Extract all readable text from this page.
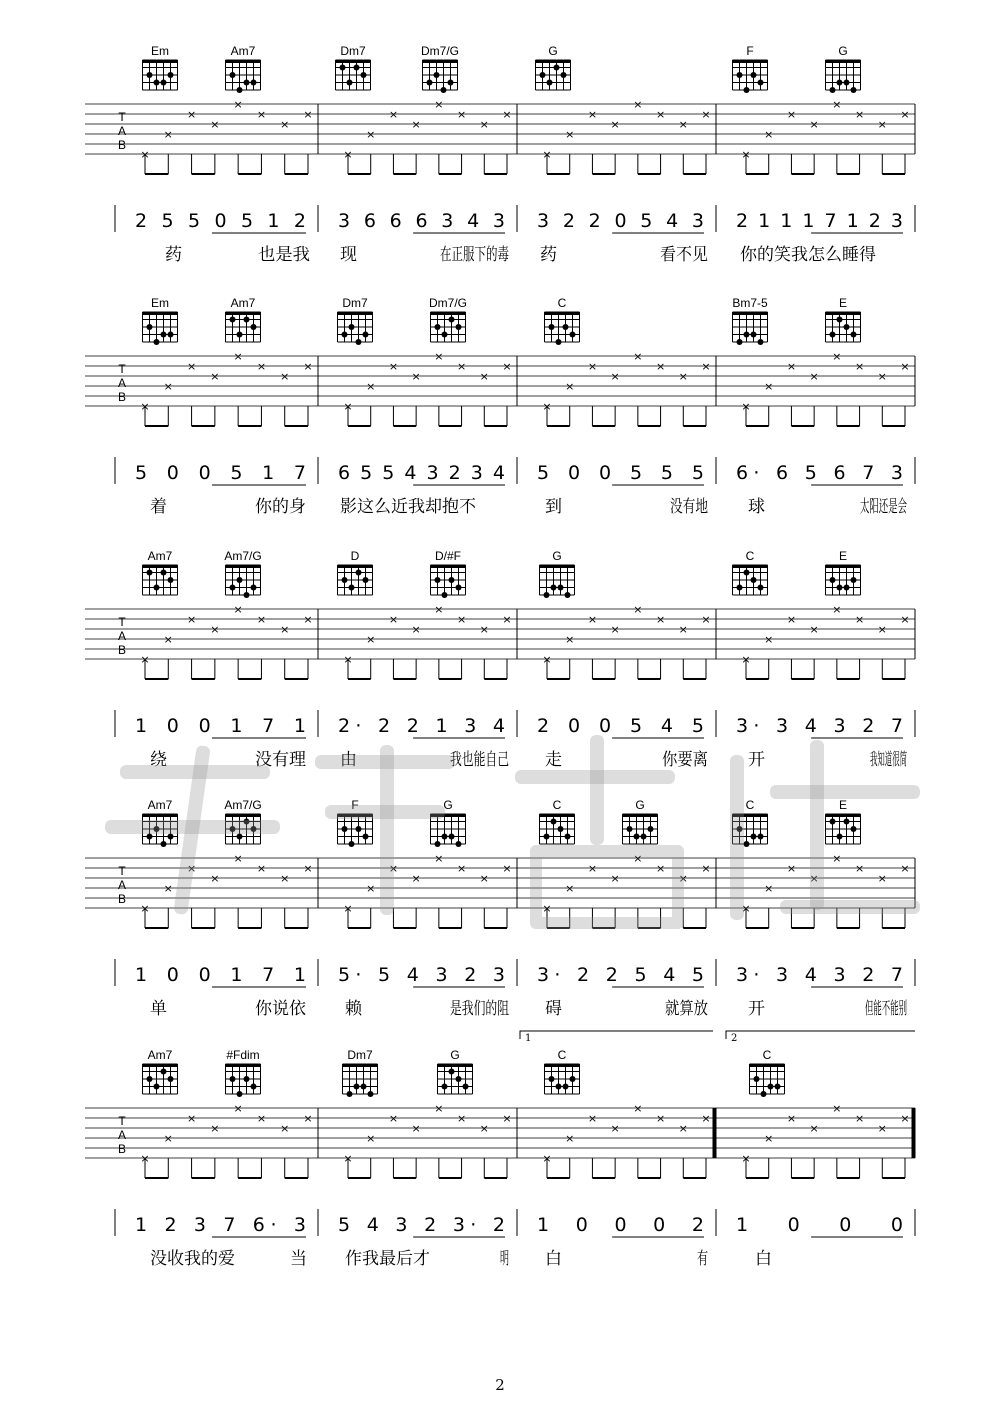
Em	Am7	Dm7	Dm7/G	G	F	G
T
A
B
×
×
×
×
×
×
×
×
×
×
×
×
×
×
×
×
×
×
×
×
×
×
×
×
×
×
×
×
×
×
×
×
2 5 5 0 5 1 2 3 6 6 6 3 4 3 3 2 2 0 5 4 3 2 1 1 1 7 1 2 3
药	也是我 现	在正服下的毒 药	看不见 你的笑我怎么睡得
Em	Am7	Dm7	Dm7/G	C	Bm7-5	E
T
A
B
×
×
×
×
×
×
×
×
×
×
×
×
×
×
×
×
×
×
×
×
×
×
×
×
×
×
×
×
×
×
×
×
5 0 0 5 1 7 6 5 5 4 3 2 3 4 5 0 0 5 5 5 6· 6 5 6 7 3
着	你的身 影这么近我却抱不	到	没有地 球	太阳还是会
Am7	Am7/G	D	D/#F	G	C	E
T
A
B
×
×
×
×
×
×
×
×
×
×
×
×
×
×
×
×
×
×
×
×
×
×
×
×
×
×
×
×
×
×
×
×
1 0 0 1 7 1 2· 2 2 1 3 4 2 0 0 5 4 5 3· 3 4 3 2 7
绕	没有理 由	我也能自己 走	你要离 开	我知道很简
Am7	Am7/G	F	G	C	G	C	E
T
A
B
×
×
×
×
×
×
×
×
×
×
×
×
×
×
×
×
×
×
×
×
×
×
×
×
×
×
×
×
×
×
×
×
1 0 0 1 7 1 5· 5 4 3 2 3 3· 2 2 5 4 5 3· 3 4 3 2 7
单	你说依 赖	是我们的阻 碍	就算放 开	但能不能别
Am7	#Fdim	Dm7	G	C	C
T
A
B
×
×
×
×
×
×
×
×
×
×
×
×
×
×
×
×
×
×
×
×
×
×
×
×
×
×
×
×
×
×
×
×
1	2
1 2 3 7 6· 3 5 4 3 2 3· 2 1 0 0 0 2 1 0 0 0
没收我的爱	当 作我最后才	明 白	有	白
2
